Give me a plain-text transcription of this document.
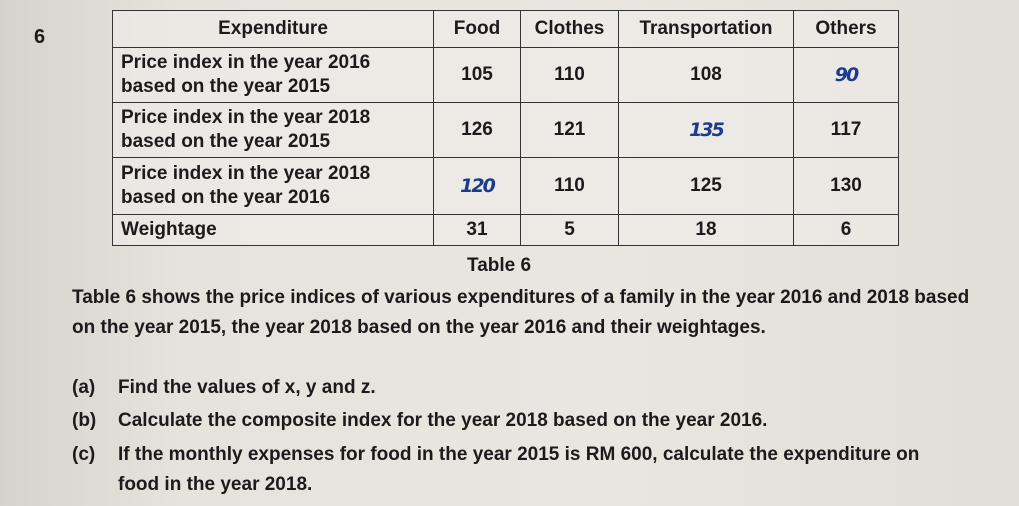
6	Expenditure	Food	Clothes	Transportation	Others
Price index in the year 2016 based on the year 2015	105	110	108	90
Price index in the year 2018 based on the year 2015	126	121	135	117
Price index in the year 2018 based on the year 2016	120	110	125	130
Weightage	31	5	18	6
Table 6
Table 6 shows the price indices of various expenditures of a family in the year 2016 and 2018 based on the year 2015, the year 2018 based on the year 2016 and their weightages.
(a) Find the values of x, y and z.
(b) Calculate the composite index for the year 2018 based on the year 2016.
(c)	If the monthly expenses for food in the year 2015 is RM 600, calculate the expenditure on food in the year 2018.
